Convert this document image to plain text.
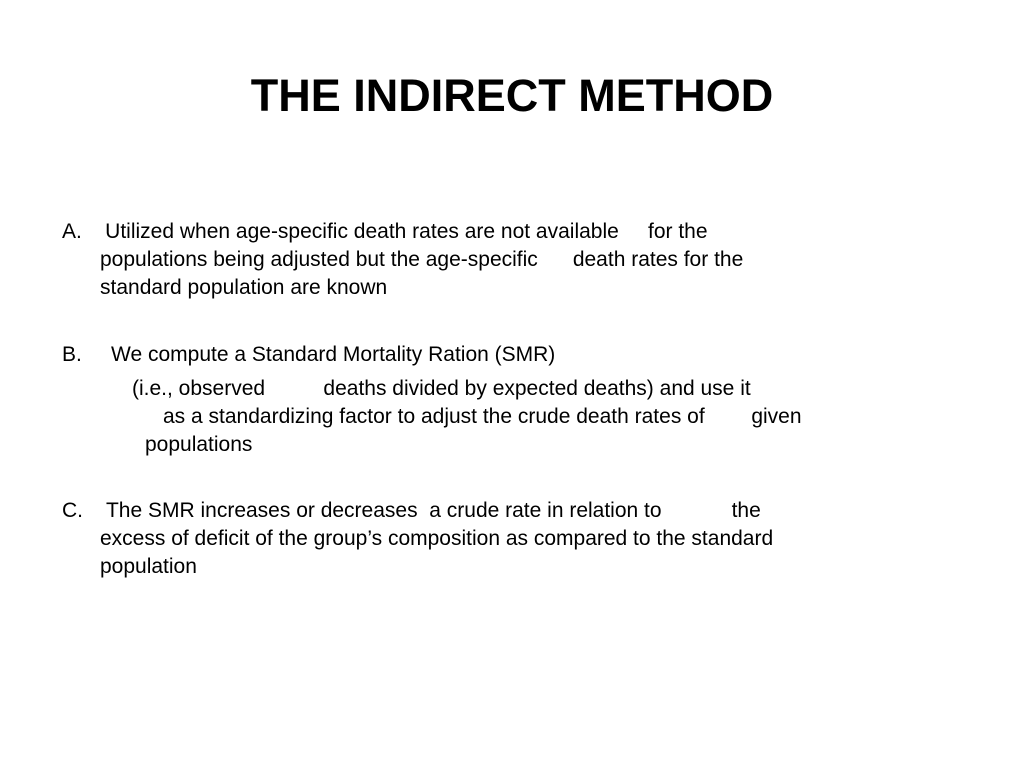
THE INDIRECT METHOD
A.    Utilized when age-specific death rates are not available     for the
populations being adjusted but the age-specific      death rates for the
standard population are known
B.     We compute a Standard Mortality Ration (SMR)
(i.e., observed          deaths divided by expected deaths) and use it
as a standardizing factor to adjust the crude death rates of        given
populations
C.    The SMR increases or decreases  a crude rate in relation to            the
excess of deficit of the group’s composition as compared to the standard
population
